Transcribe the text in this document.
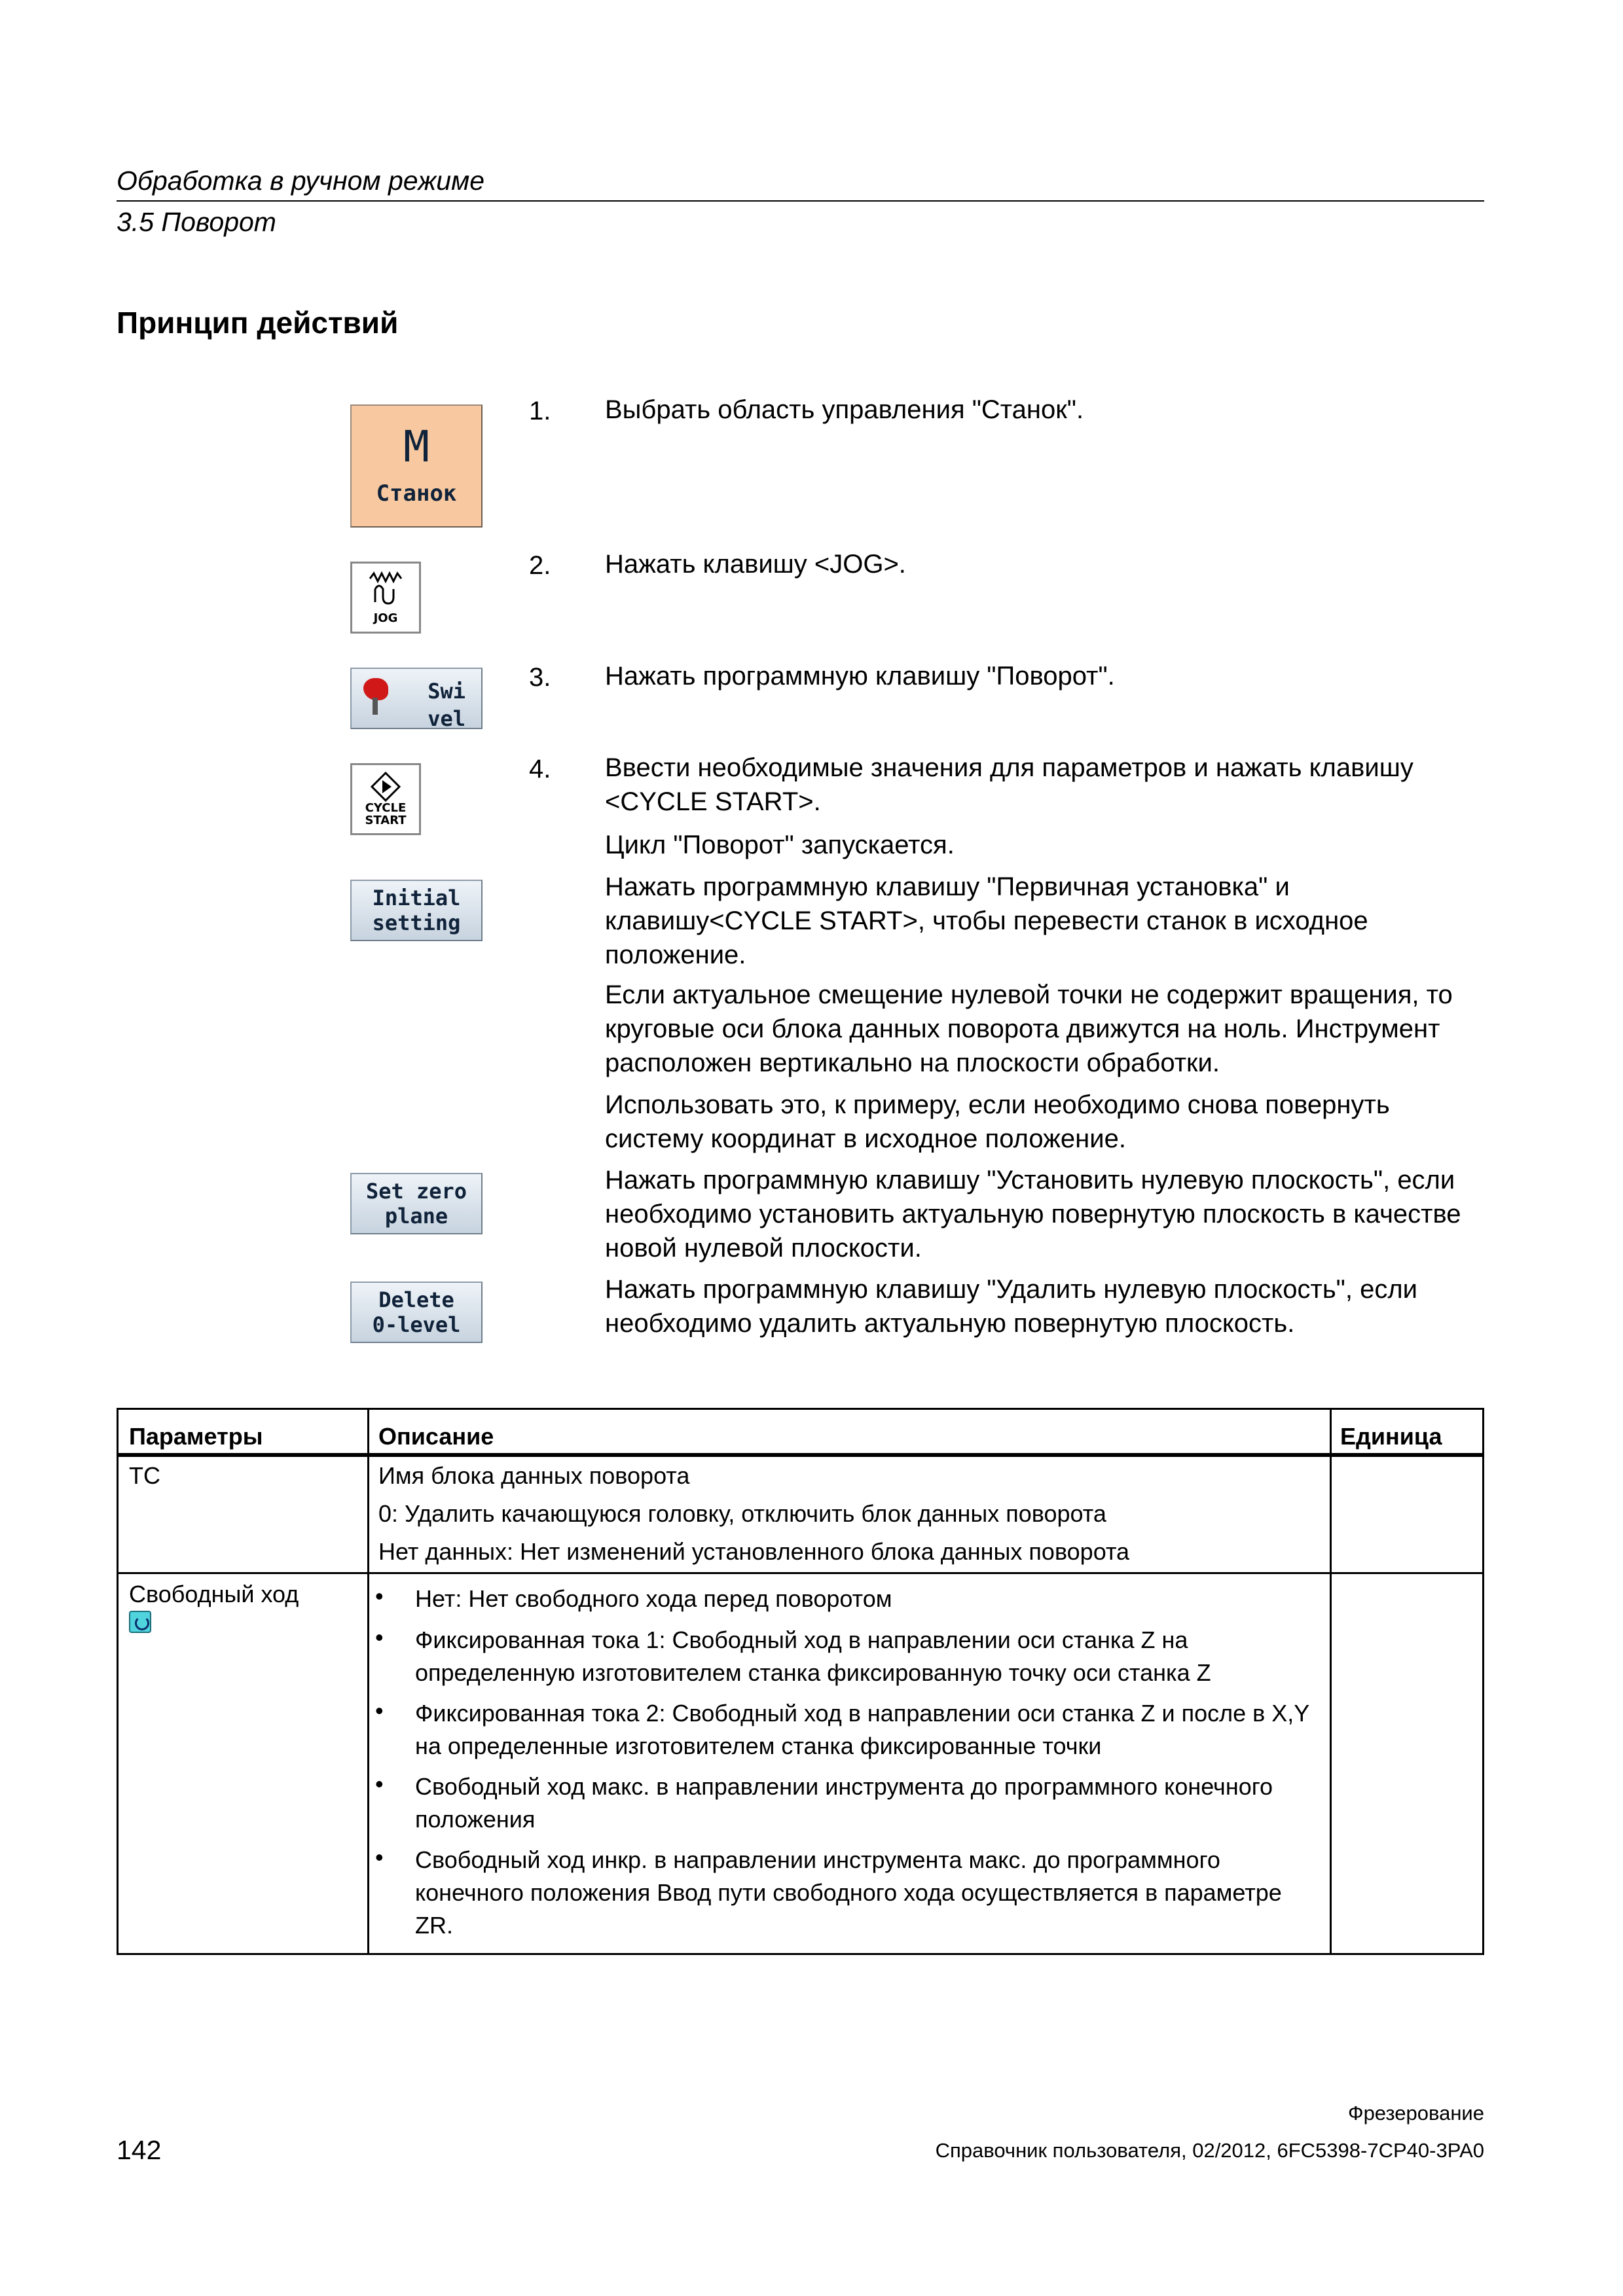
Обработка в ручном режиме
3.5 Поворот
Принцип действий
M
Станок
JOG
Swi
vel
CYCLE
START
Initial
setting
Set zero
plane
Delete
0-level
1. Выбрать область управления "Станок".
2. Нажать клавишу <JOG>.
3. Нажать программную клавишу "Поворот".
4. Ввести необходимые значения для параметров и нажать клавишу <CYCLE START>.
Цикл "Поворот" запускается.
Нажать программную клавишу "Первичная установка" и клавишу<CYCLE START>, чтобы перевести станок в исходное положение.
Если актуальное смещение нулевой точки не содержит вращения, то круговые оси блока данных поворота движутся на ноль. Инструмент расположен вертикально на плоскости обработки.
Использовать это, к примеру, если необходимо снова повернуть систему координат в исходное положение.
Нажать программную клавишу "Установить нулевую плоскость", если необходимо установить актуальную повернутую плоскость в качестве новой нулевой плоскости.
Нажать программную клавишу "Удалить нулевую плоскость", если необходимо удалить актуальную повернутую плоскость.
Параметры	Описание	Единица
TC	Имя блока данных поворота
0: Удалить качающуюся головку, отключить блок данных поворота
Нет данных: Нет изменений установленного блока данных поворота
Свободный ход	• Нет: Нет свободного хода перед поворотом
• Фиксированная тока 1: Свободный ход в направлении оси станка Z на определенную изготовителем станка фиксированную точку оси станка Z
• Фиксированная тока 2: Свободный ход в направлении оси станка Z и после в X,Y на определенные изготовителем станка фиксированные точки
• Свободный ход макс. в направлении инструмента до программного конечного положения
• Свободный ход инкр. в направлении инструмента макс. до программного конечного положения Ввод пути свободного хода осуществляется в параметре ZR.
Фрезерование
142	Справочник пользователя, 02/2012, 6FC5398-7CP40-3PA0
